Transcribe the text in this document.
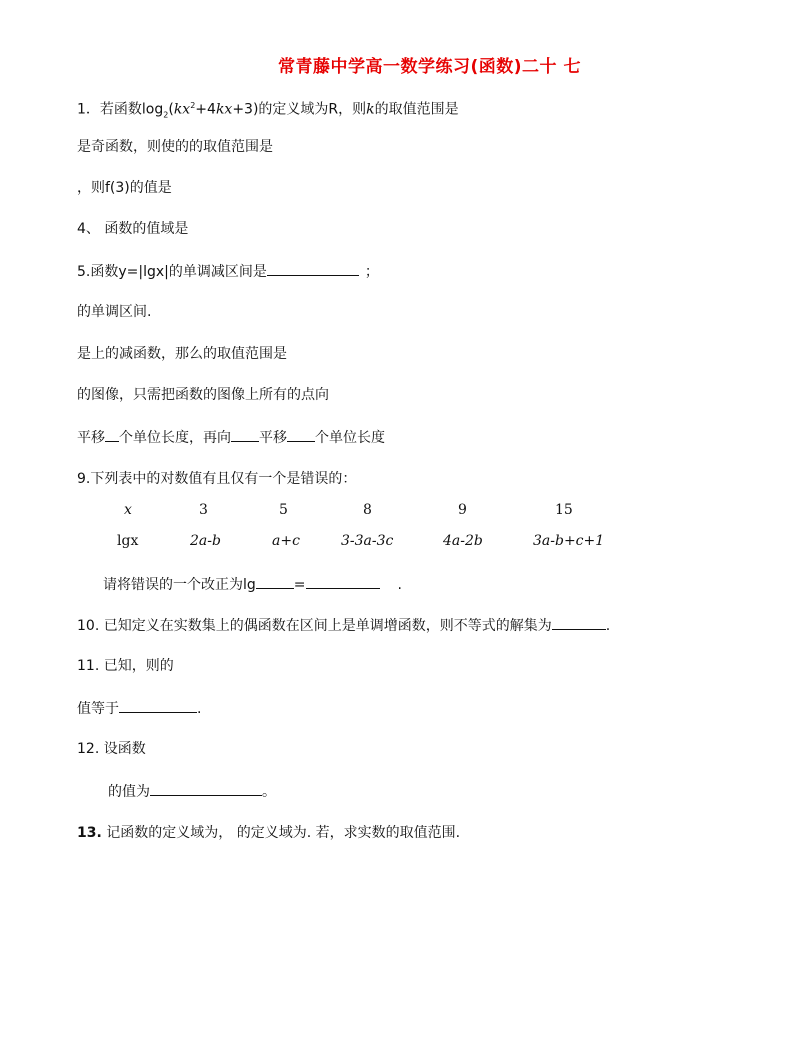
常青藤中学高一数学练习(函数)二十 七
1．若函数$\log_2(kx^2+4kx+3)$的定义域为R，则k的取值范围是
是奇函数，则使的的取值范围是
，则f(3)的值是
4、 函数的值域是
5.函数y=|lgx|的单调减区间是	；
的单调区间.
是上的减函数，那么的取值范围是
的图像，只需把函数的图像上所有的点向
平移 个单位长度，再向 平移 个单位长度
9.下列表中的对数值有且仅有一个是错误的：
x	3	5	8	9	15
lgx	2a-b	a+c	3-3a-3c	4a-2b	3a-b+c+1
请将错误的一个改正为lg	=	.
10. 已知定义在实数集上的偶函数在区间上是单调增函数，则不等式的解集为	.
11. 已知，则的
值等于	.
12. 设函数
的值为	。
13. 记函数的定义域为， 的定义域为. 若，求实数的取值范围.
